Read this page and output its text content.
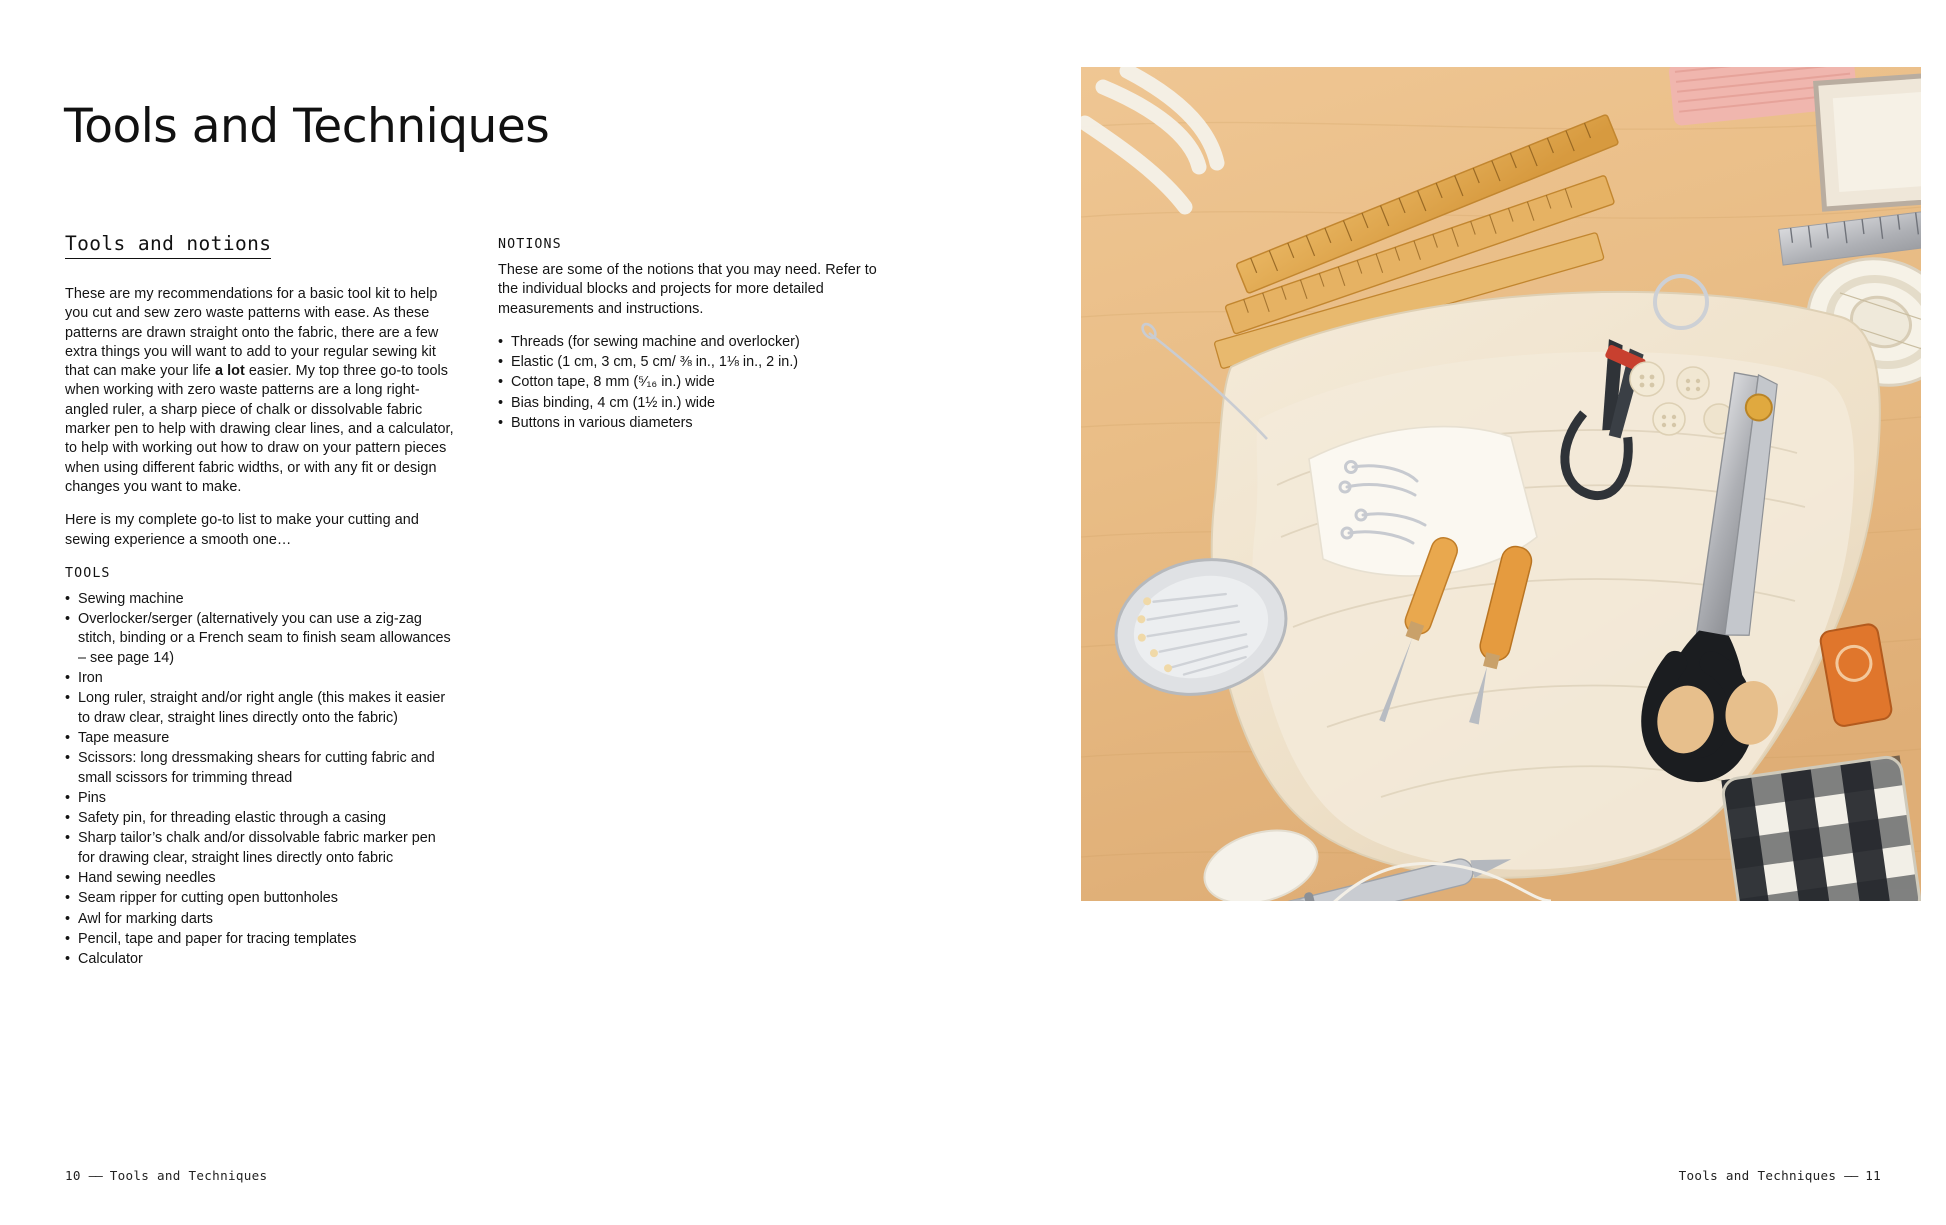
Tools and Techniques
Tools and notions

These are my recommendations for a basic tool kit to help you cut and sew zero waste patterns with ease. As these patterns are drawn straight onto the fabric, there are a few extra things you will want to add to your regular sewing kit that can make your life a lot easier. My top three go-to tools when working with zero waste patterns are a long right-angled ruler, a sharp piece of chalk or dissolvable fabric marker pen to help with drawing clear lines, and a calculator, to help with working out how to draw on your pattern pieces when using different fabric widths, or with any fit or design changes you want to make.

Here is my complete go-to list to make your cutting and sewing experience a smooth one…

TOOLS
• Sewing machine
• Overlocker/serger (alternatively you can use a zig-zag stitch, binding or a French seam to finish seam allowances – see page 14)
• Iron
• Long ruler, straight and/or right angle (this makes it easier to draw clear, straight lines directly onto the fabric)
• Tape measure
• Scissors: long dressmaking shears for cutting fabric and small scissors for trimming thread
• Pins
• Safety pin, for threading elastic through a casing
• Sharp tailor’s chalk and/or dissolvable fabric marker pen for drawing clear, straight lines directly onto fabric
• Hand sewing needles
• Seam ripper for cutting open buttonholes
• Awl for marking darts
• Pencil, tape and paper for tracing templates
• Calculator
NOTIONS

These are some of the notions that you may need. Refer to the individual blocks and projects for more detailed measurements and instructions.

• Threads (for sewing machine and overlocker)
• Elastic (1 cm, 3 cm, 5 cm/ ⅜ in., 1⅛ in., 2 in.)
• Cotton tape, 8 mm (⁵⁄₁₆ in.) wide
• Bias binding, 4 cm (1½ in.) wide
• Buttons in various diameters
10 —— Tools and Techniques	Tools and Techniques —— 11
